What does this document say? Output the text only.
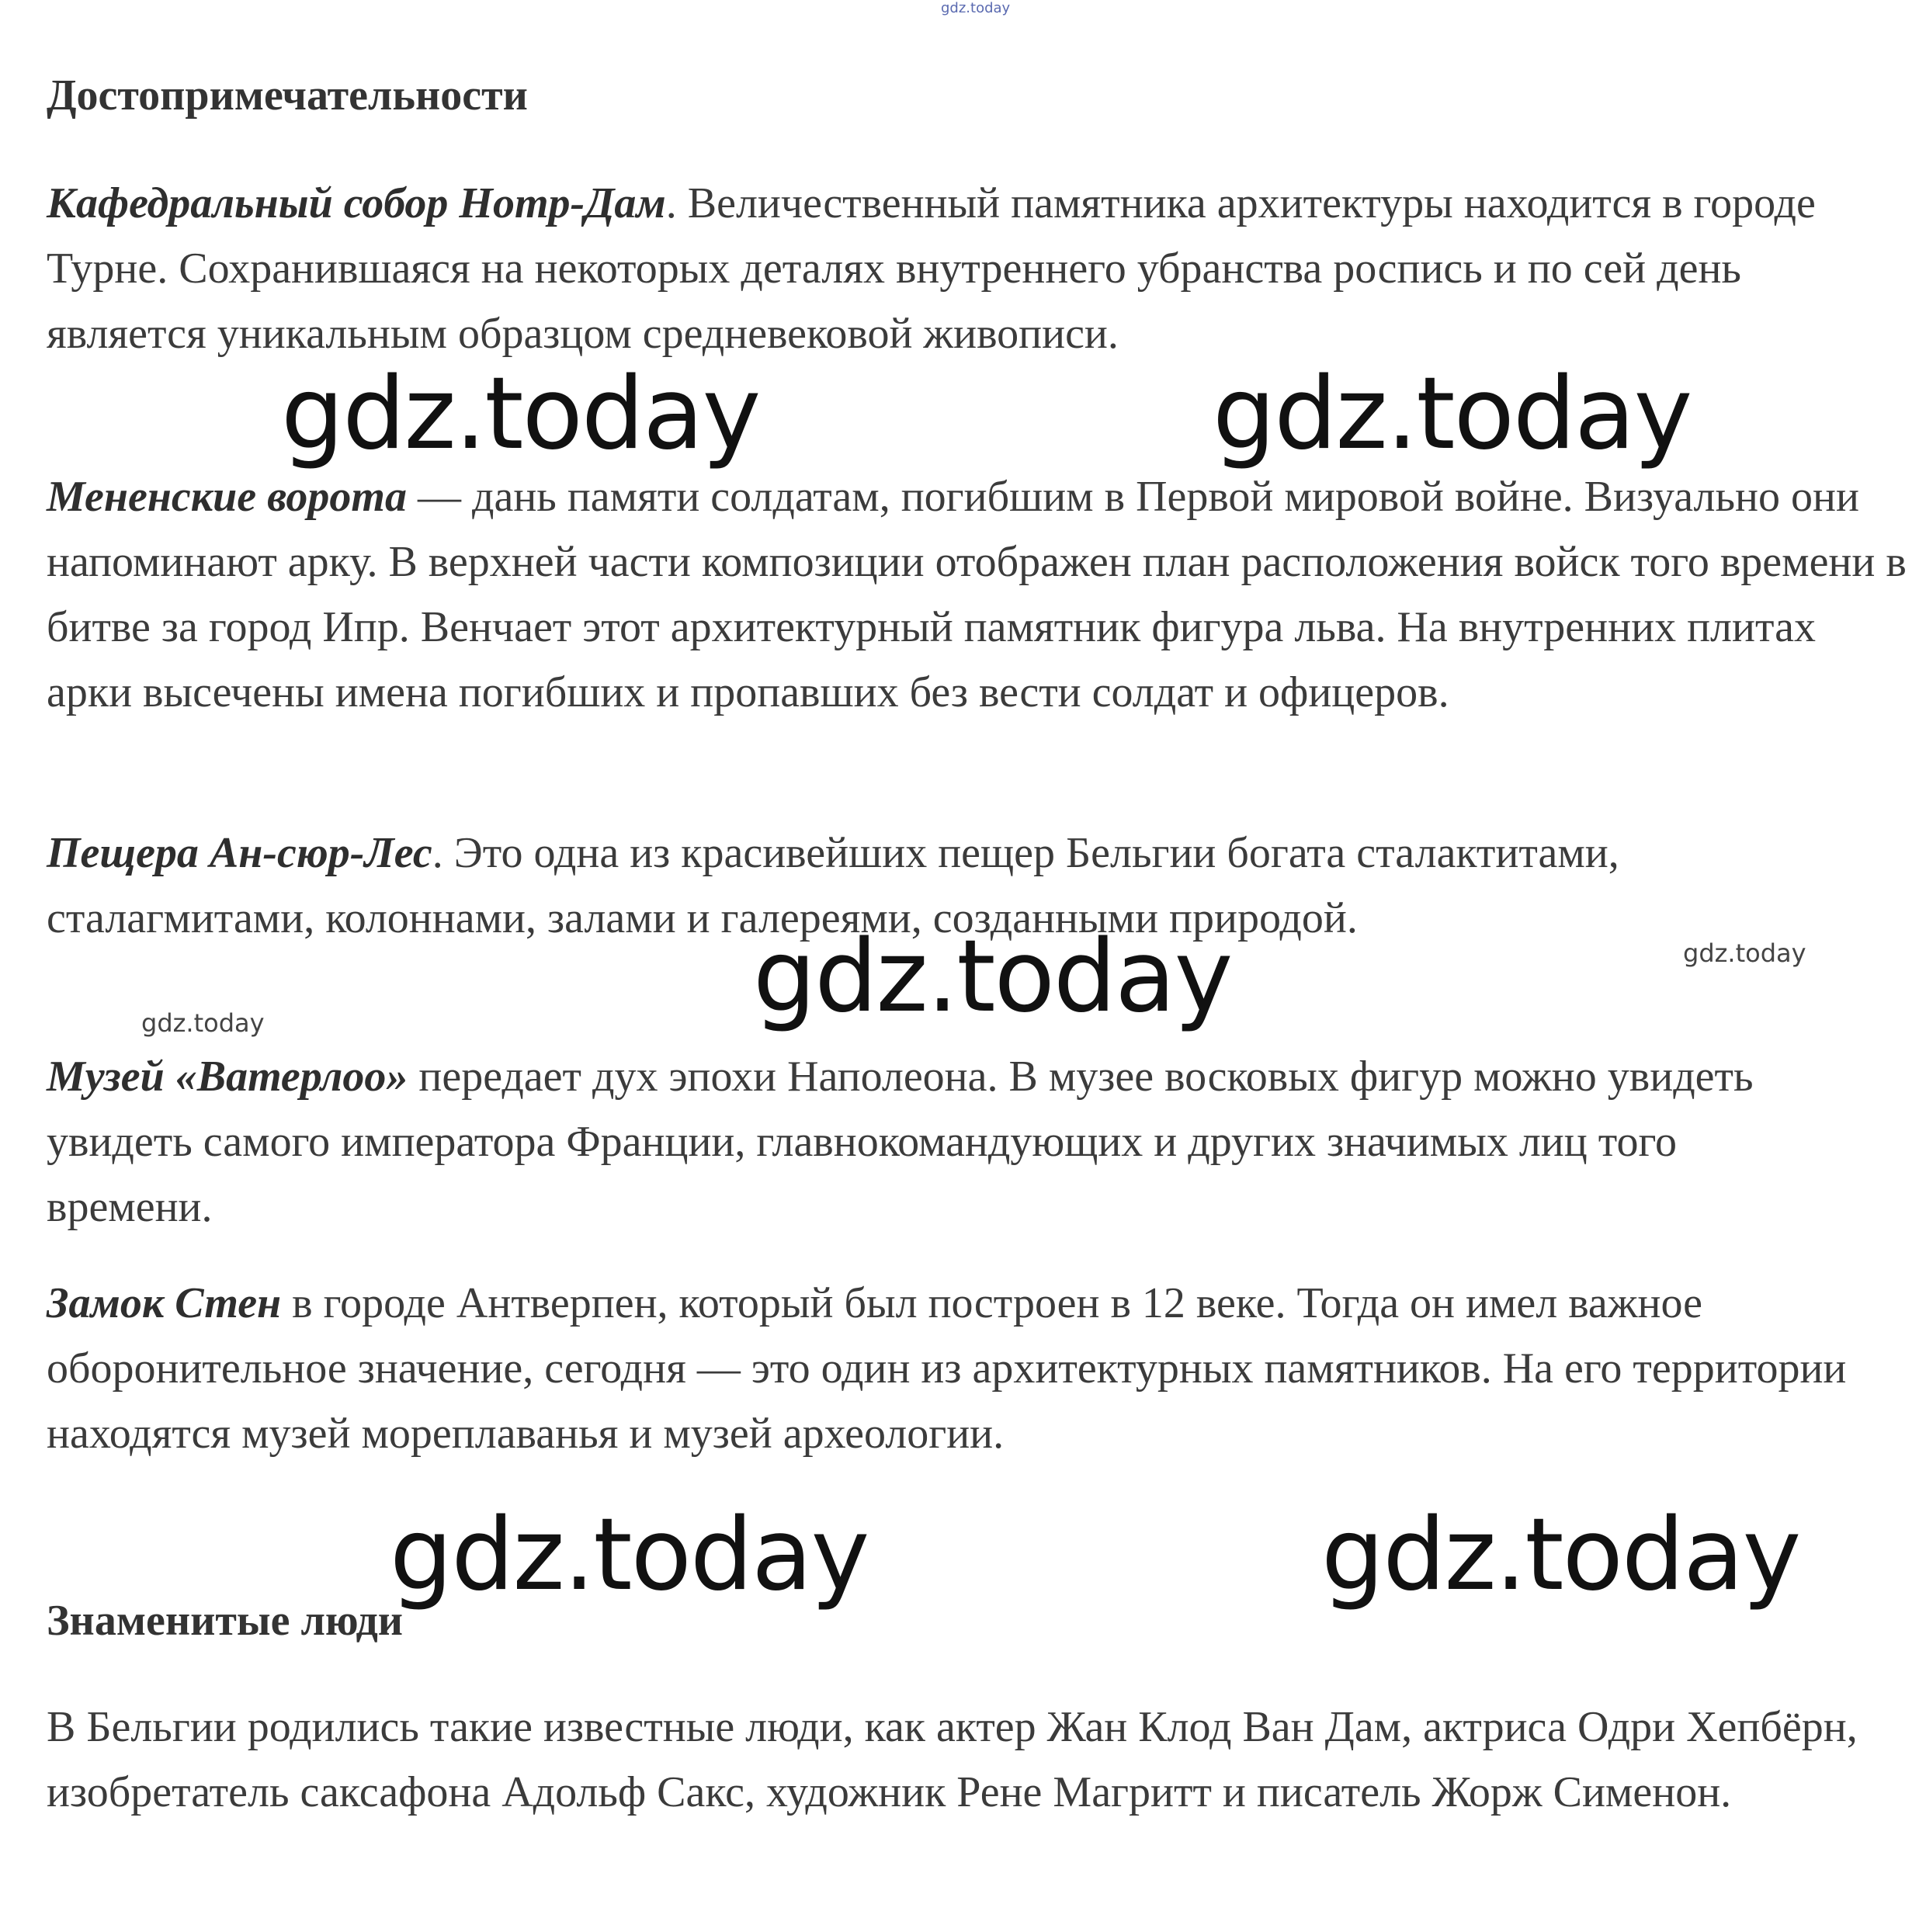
gdz.today
Достопримечательности

Кафедральный собор Нотр-Дам. Величественный памятника архитектуры находится в городе Турне. Сохранившаяся на некоторых деталях внутреннего убранства роспись и по сей день является уникальным образцом средневековой живописи.

Мененские ворота — дань памяти солдатам, погибшим в Первой мировой войне. Визуально они напоминают арку. В верхней части композиции отображен план расположения войск того времени в битве за город Ипр. Венчает этот архитектурный памятник фигура льва. На внутренних плитах арки высечены имена погибших и пропавших без вести солдат и офицеров.

Пещера Ан-сюр-Лес. Это одна из красивейших пещер Бельгии богата сталактитами, сталагмитами, колоннами, залами и галереями, созданными природой.

Музей «Ватерлоо» передает дух эпохи Наполеона. В музее восковых фигур можно увидеть увидеть самого императора Франции, главнокомандующих и других значимых лиц того времени.

Замок Стен в городе Антверпен, который был построен в 12 веке. Тогда он имел важное оборонительное значение, сегодня — это один из архитектурных памятников. На его территории находятся музей мореплаванья и музей археологии.

Знаменитые люди

В Бельгии родились такие известные люди, как актер Жан Клод Ван Дам, актриса Одри Хепбёрн, изобретатель саксафона Адольф Сакс, художник Рене Магритт и писатель Жорж Сименон.

gdz.today	gdz.today
gdz.today	gdz.today
gdz.today
gdz.today	gdz.today
